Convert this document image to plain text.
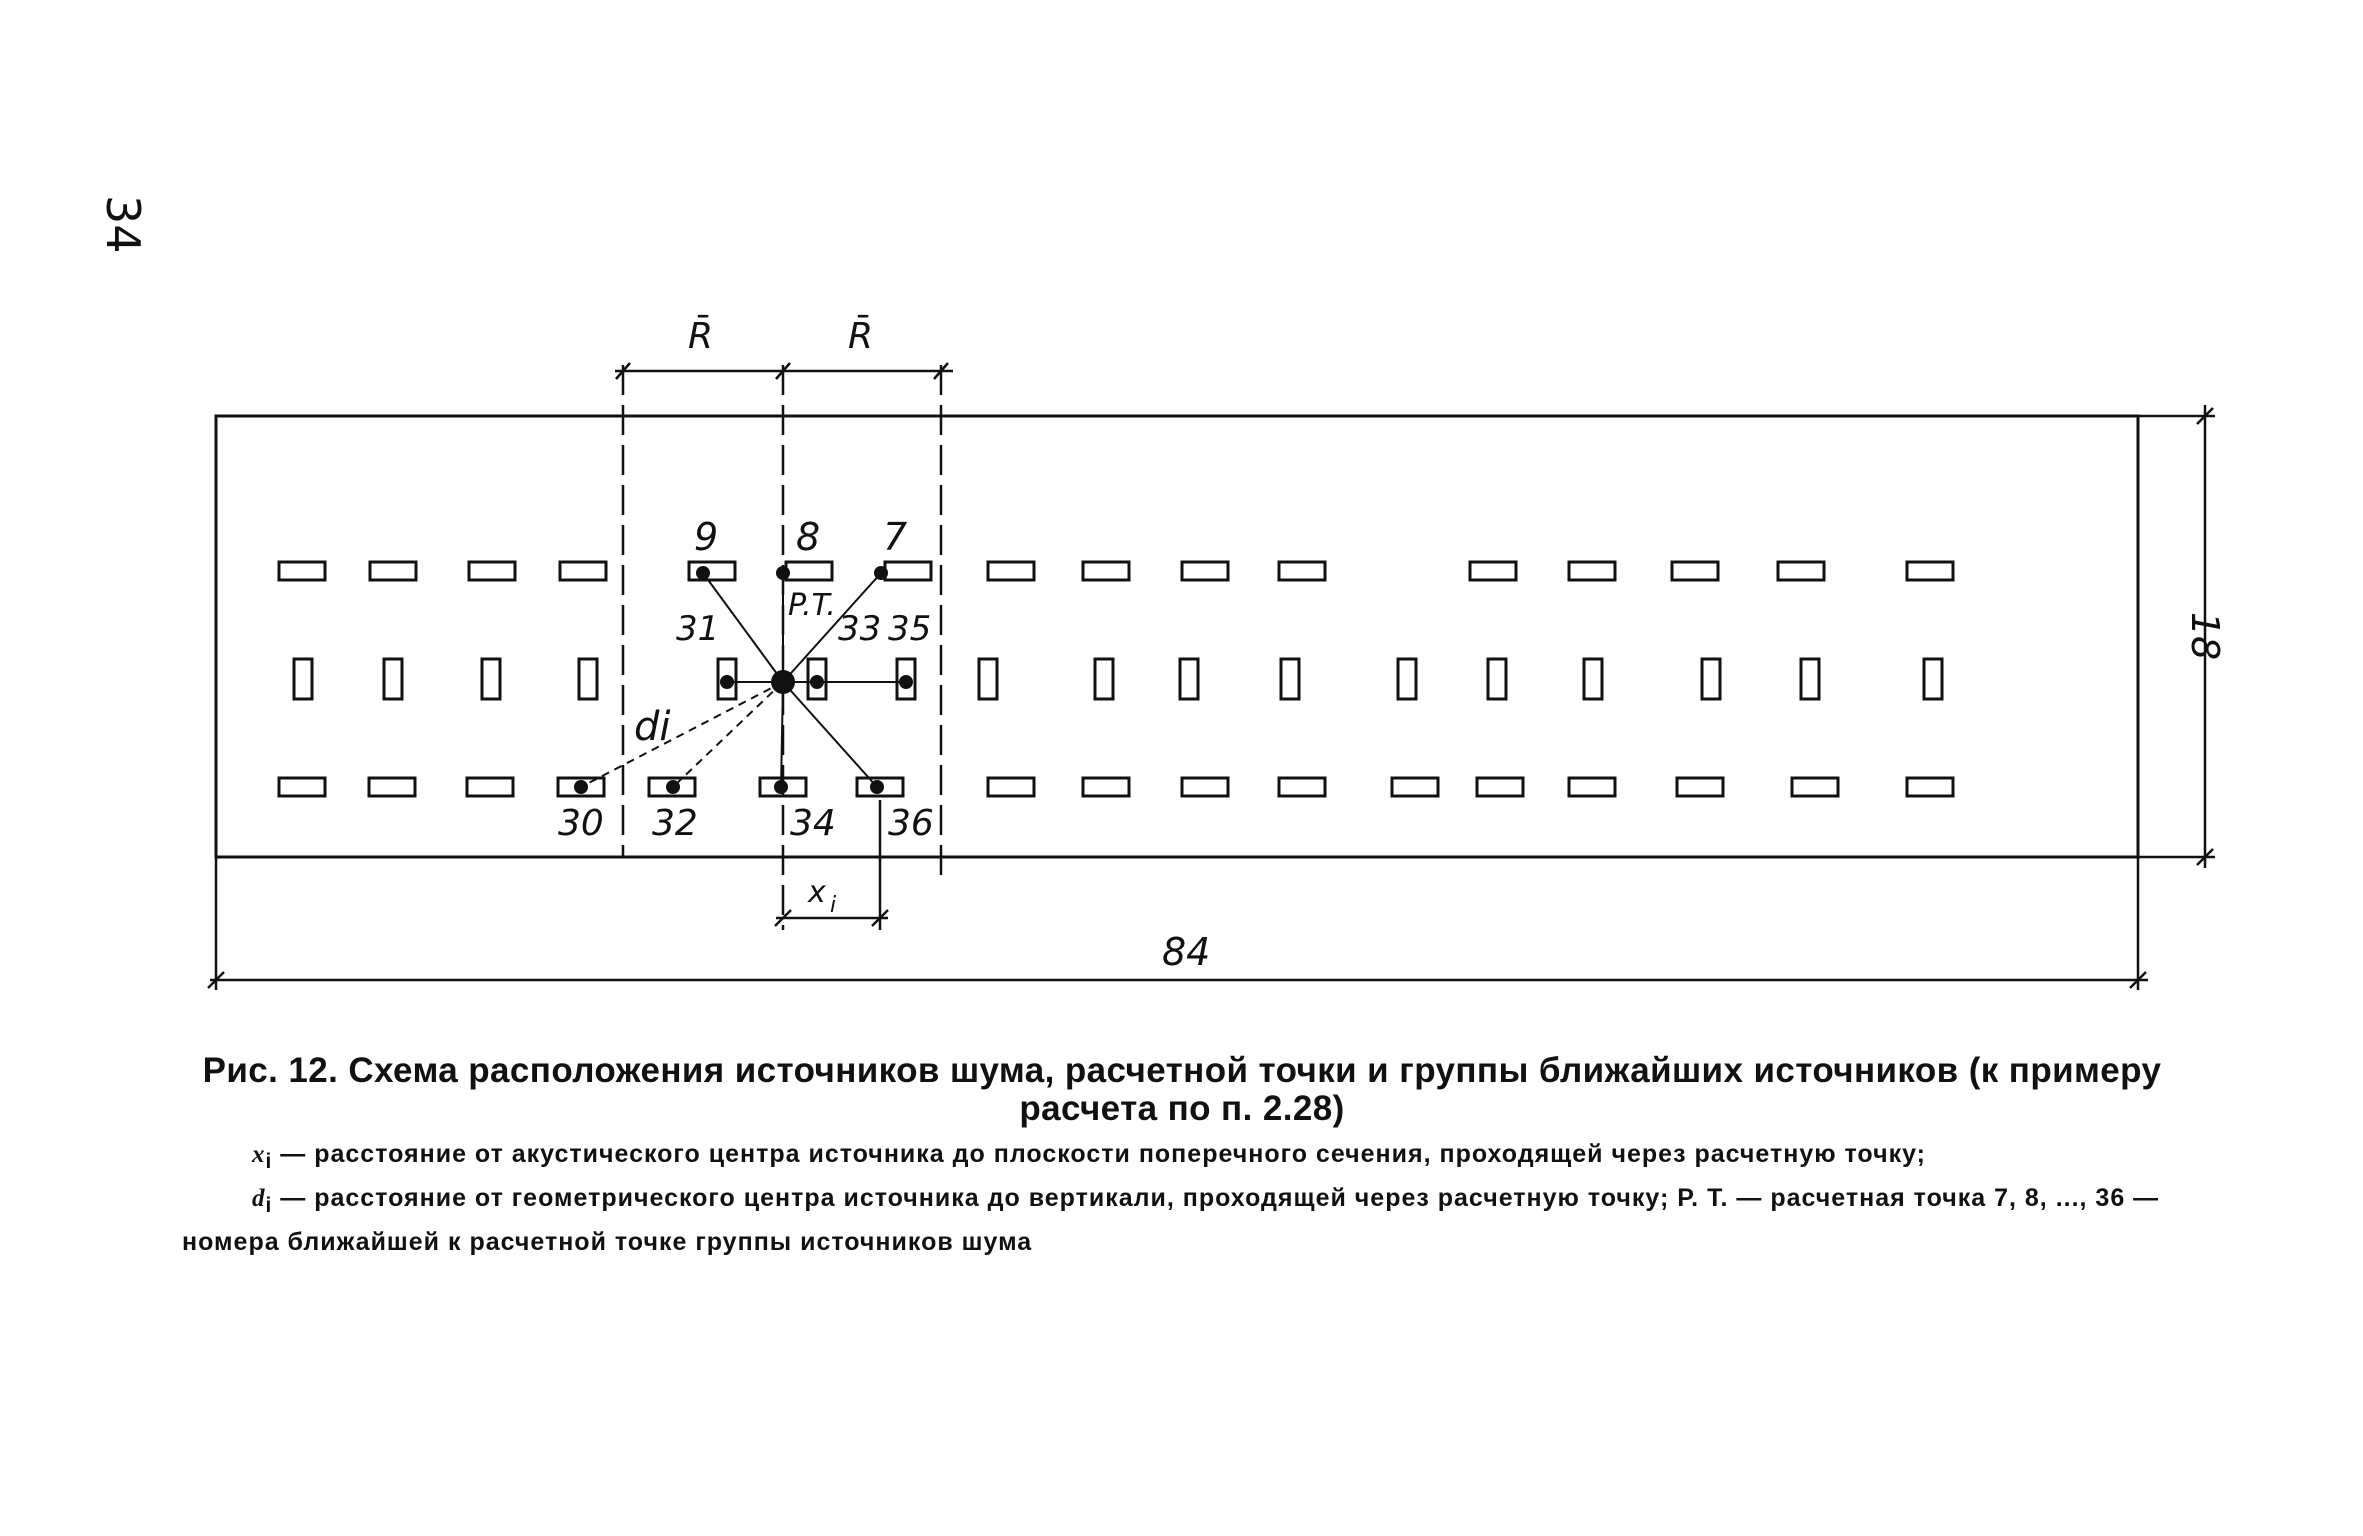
34
R̄	R̄
84
18
9 8 7
P.T.
31	33 35
di
30 32	34 36
x i
Рис. 12. Схема расположения источников шума, расчетной точки и группы ближайших источников (к примеру расчета по п. 2.28)
$x_i$ — расстояние от акустического центра источника до плоскости поперечного сечения, проходящей через расчетную точку;
$d_i$ — расстояние от геометрического центра источника до вертикали, проходящей через расчетную точку; Р. Т. — расчетная точка 7, 8, ..., 36 — номера ближайшей к расчетной точке группы источников шума
